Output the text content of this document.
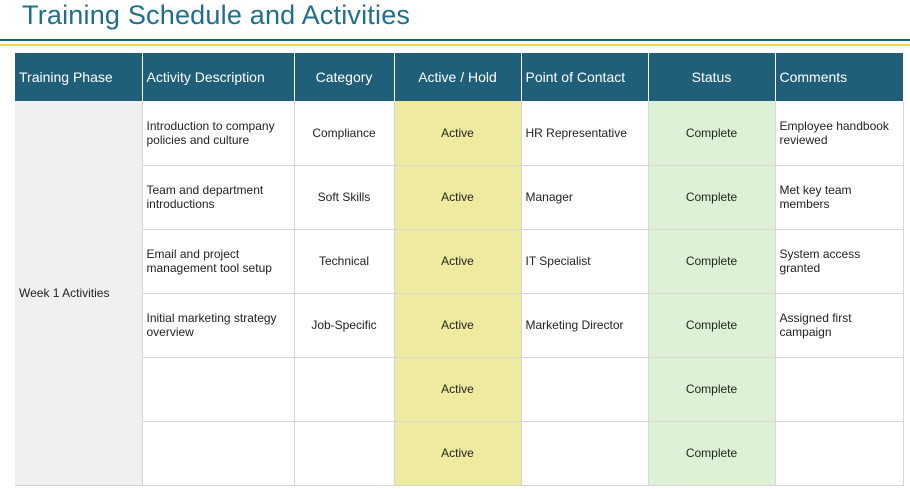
Training Schedule and Activities
Training Phase	Activity Description	Category	Active / Hold	Point of Contact	Status	Comments
Week 1 Activities	Introduction to company policies and culture	Compliance	Active	HR Representative	Complete	Employee handbook reviewed
	Team and department introductions	Soft Skills	Active	Manager	Complete	Met key team members
	Email and project management tool setup	Technical	Active	IT Specialist	Complete	System access granted
	Initial marketing strategy overview	Job-Specific	Active	Marketing Director	Complete	Assigned first campaign
			Active		Complete	
			Active		Complete	
